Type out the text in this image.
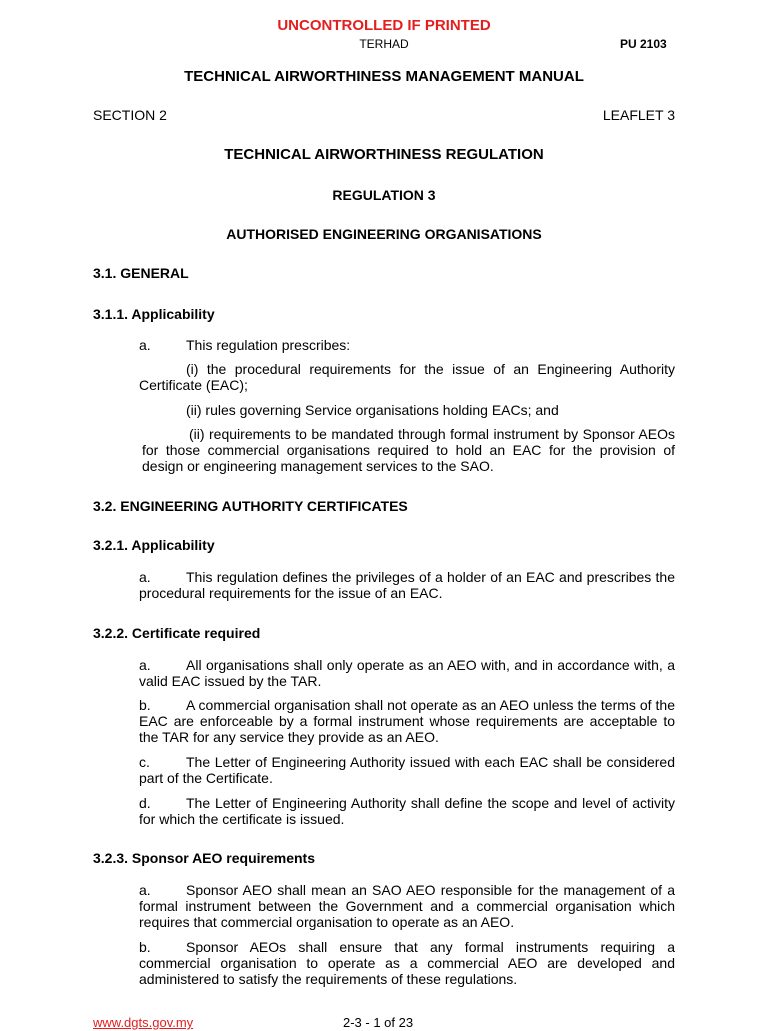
UNCONTROLLED IF PRINTED
TERHAD	PU 2103
TECHNICAL AIRWORTHINESS MANAGEMENT MANUAL
SECTION 2	LEAFLET 3
TECHNICAL AIRWORTHINESS REGULATION
REGULATION 3
AUTHORISED ENGINEERING ORGANISATIONS
3.1. GENERAL
3.1.1. Applicability
a.	This regulation prescribes:
(i) the procedural requirements for the issue of an Engineering Authority Certificate (EAC);
(ii) rules governing Service organisations holding EACs; and
(ii) requirements to be mandated through formal instrument by Sponsor AEOs for those commercial organisations required to hold an EAC for the provision of design or engineering management services to the SAO.
3.2. ENGINEERING AUTHORITY CERTIFICATES
3.2.1. Applicability
a.	This regulation defines the privileges of a holder of an EAC and prescribes the procedural requirements for the issue of an EAC.
3.2.2. Certificate required
a.	All organisations shall only operate as an AEO with, and in accordance with, a valid EAC issued by the TAR.
b.	A commercial organisation shall not operate as an AEO unless the terms of the EAC are enforceable by a formal instrument whose requirements are acceptable to the TAR for any service they provide as an AEO.
c.	The Letter of Engineering Authority issued with each EAC shall be considered part of the Certificate.
d.	The Letter of Engineering Authority shall define the scope and level of activity for which the certificate is issued.
3.2.3. Sponsor AEO requirements
a.	Sponsor AEO shall mean an SAO AEO responsible for the management of a formal instrument between the Government and a commercial organisation which requires that commercial organisation to operate as an AEO.
b.	Sponsor AEOs shall ensure that any formal instruments requiring a commercial organisation to operate as a commercial AEO are developed and administered to satisfy the requirements of these regulations.
www.dgts.gov.my	2-3 - 1 of 23
